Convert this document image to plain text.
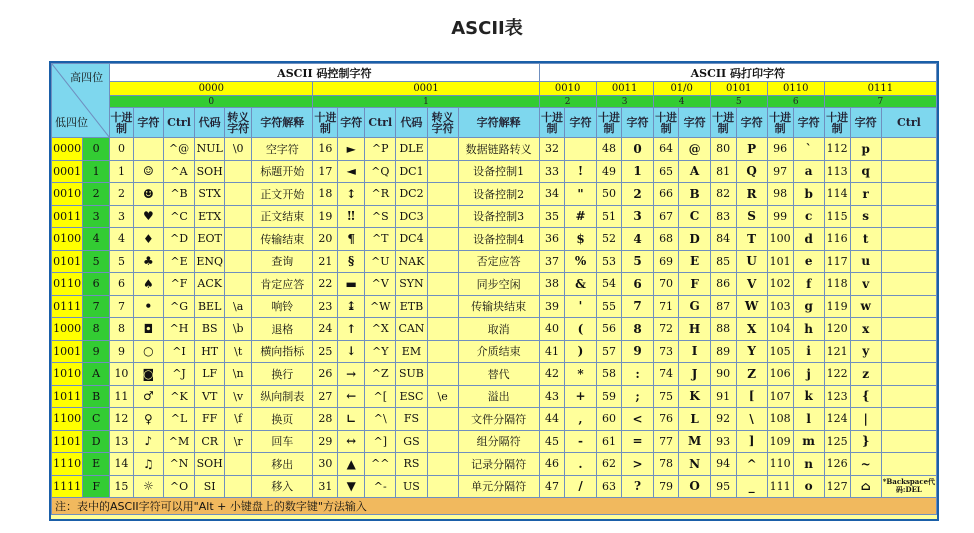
ASCII表
高四位
低四位		ASCII 码控制字符												ASCII 码打印字符												
		0000						0001						0010		0011		01/0		0101		0110		0111		
		0						1						2		3		4		5		6		7		
		十进制	字符	Ctrl	代码	转义字符	字符解释	十进制	字符	Ctrl	代码	转义字符	字符解释	十进制	字符	十进制	字符	十进制	字符	十进制	字符	十进制	字符	十进制	字符	Ctrl
0000	0	0		^@	NUL	\0	空字符	16	►	^P	DLE		数据链路转义	32		48	0	64	@	80	P	96	`	112	p	
0001	1	1	☺	^A	SOH		标题开始	17	◄	^Q	DC1		设备控制1	33	!	49	1	65	A	81	Q	97	a	113	q	
0010	2	2	☻	^B	STX		正文开始	18	↕	^R	DC2		设备控制2	34	"	50	2	66	B	82	R	98	b	114	r	
0011	3	3	♥	^C	ETX		正文结束	19	‼	^S	DC3		设备控制3	35	#	51	3	67	C	83	S	99	c	115	s	
0100	4	4	♦	^D	EOT		传输结束	20	¶	^T	DC4		设备控制4	36	$	52	4	68	D	84	T	100	d	116	t	
0101	5	5	♣	^E	ENQ		查询	21	§	^U	NAK		否定应答	37	%	53	5	69	E	85	U	101	e	117	u	
0110	6	6	♠	^F	ACK		肯定应答	22	▬	^V	SYN		同步空闲	38	&	54	6	70	F	86	V	102	f	118	v	
0111	7	7	•	^G	BEL	\a	响铃	23	↨	^W	ETB		传输块结束	39	'	55	7	71	G	87	W	103	g	119	w	
1000	8	8	◘	^H	BS	\b	退格	24	↑	^X	CAN		取消	40	(	56	8	72	H	88	X	104	h	120	x	
1001	9	9	○	^I	HT	\t	横向指标	25	↓	^Y	EM		介质结束	41	)	57	9	73	I	89	Y	105	i	121	y	
1010	A	10	◙	^J	LF	\n	换行	26	→	^Z	SUB		替代	42	*	58	:	74	J	90	Z	106	j	122	z	
1011	B	11	♂	^K	VT	\v	纵向制表	27	←	^[	ESC	\e	溢出	43	+	59	;	75	K	91	[	107	k	123	{	
1100	C	12	♀	^L	FF	\f	换页	28	∟	^\	FS		文件分隔符	44	,	60	<	76	L	92	\	108	l	124	|	
1101	D	13	♪	^M	CR	\r	回车	29	↔	^]	GS		组分隔符	45	-	61	=	77	M	93	]	109	m	125	}	
1110	E	14	♫	^N	SOH		移出	30	▲	^^	RS		记录分隔符	46	.	62	>	78	N	94	^	110	n	126	~	
1111	F	15	☼	^O	SI		移入	31	▼	^-	US		单元分隔符	47	/	63	?	79	O	95	_	111	o	127	⌂	*Backspace代码:DEL
注：表中的ASCII字符可以用"Alt + 小键盘上的数字键"方法输入																										
